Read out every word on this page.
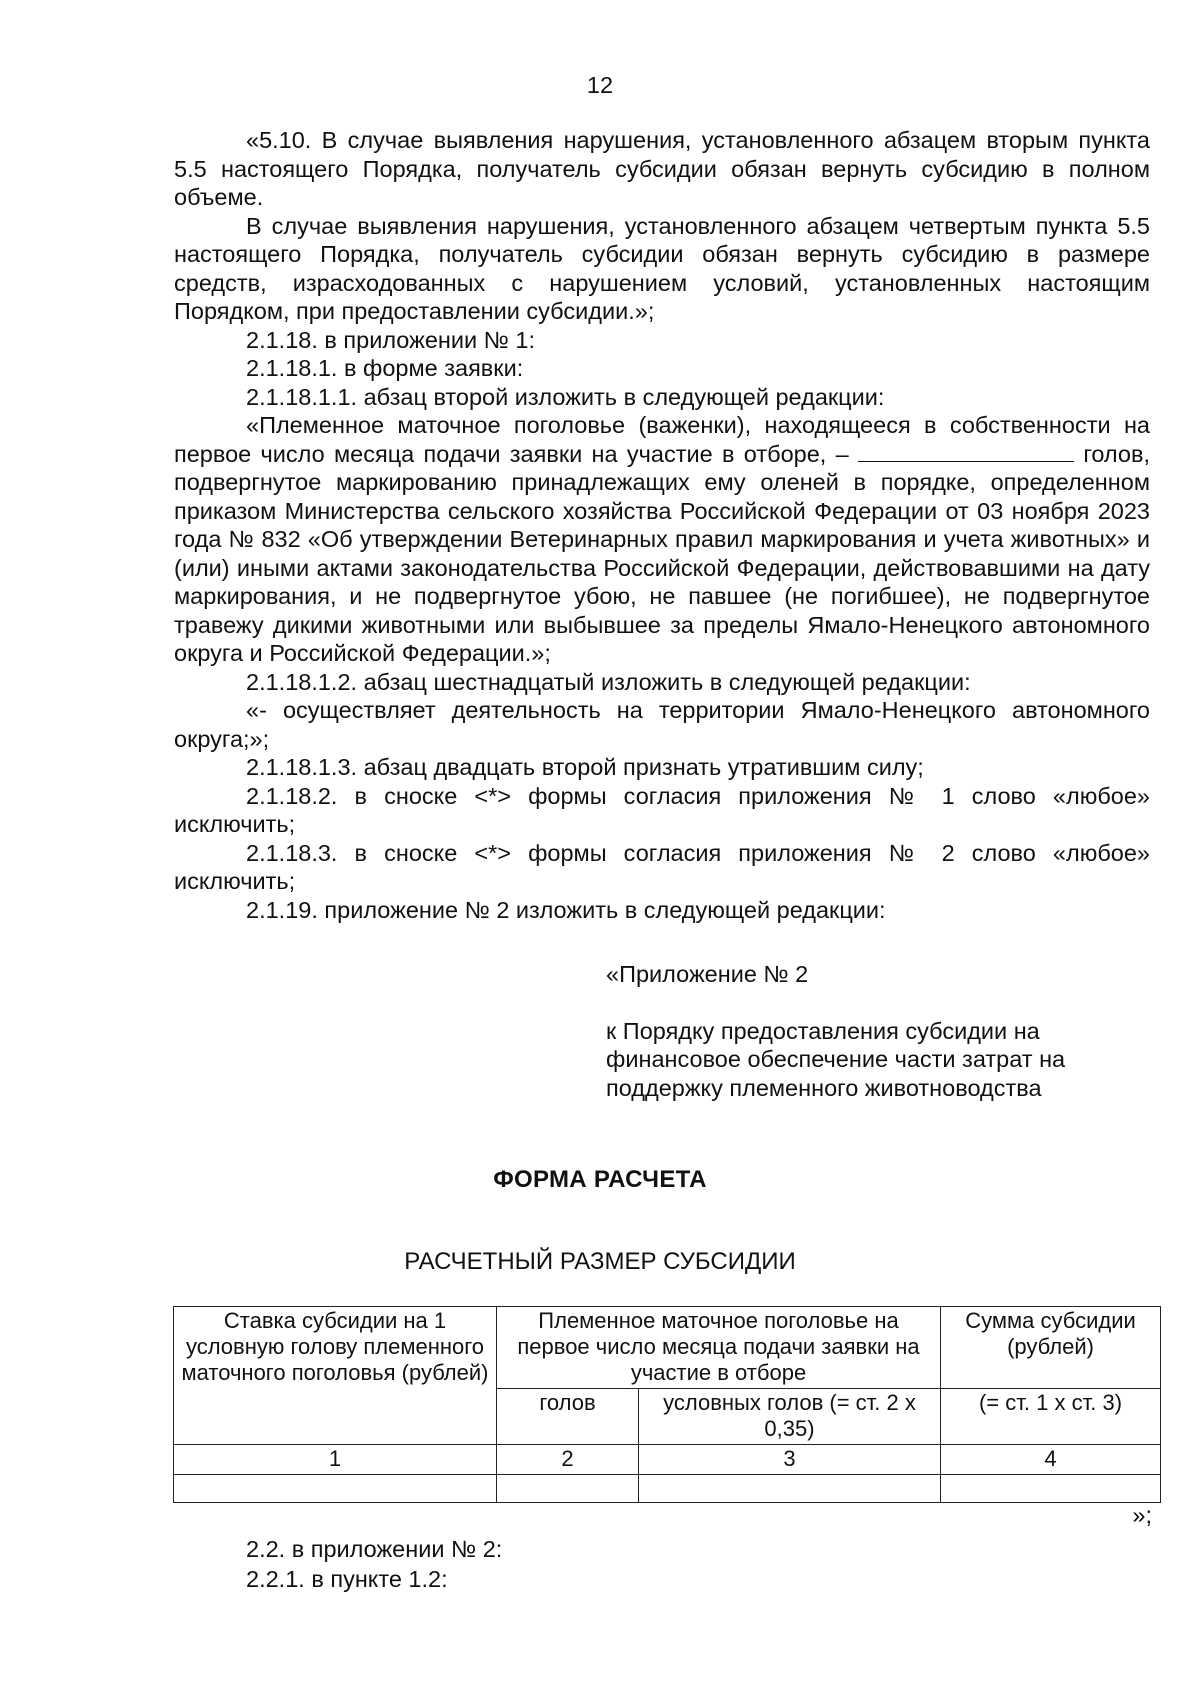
12

«5.10. В случае выявления нарушения, установленного абзацем вторым пункта 5.5 настоящего Порядка, получатель субсидии обязан вернуть субсидию в полном объеме.

В случае выявления нарушения, установленного абзацем четвертым пункта 5.5 настоящего Порядка, получатель субсидии обязан вернуть субсидию в размере средств, израсходованных с нарушением условий, установленных настоящим Порядком, при предоставлении субсидии.»;

2.1.18. в приложении № 1:

2.1.18.1. в форме заявки:

2.1.18.1.1. абзац второй изложить в следующей редакции:

«Племенное маточное поголовье (важенки), находящееся в собственности на первое число месяца подачи заявки на участие в отборе, –	голов, подвергнутое маркированию принадлежащих ему оленей в порядке, определенном приказом Министерства сельского хозяйства Российской Федерации от 03 ноября 2023 года № 832 «Об утверждении Ветеринарных правил маркирования и учета животных» и (или) иными актами законодательства Российской Федерации, действовавшими на дату маркирования, и не подвергнутое убою, не павшее (не погибшее), не подвергнутое травежу дикими животными или выбывшее за пределы Ямало-Ненецкого автономного округа и Российской Федерации.»;

2.1.18.1.2. абзац шестнадцатый изложить в следующей редакции:

«- осуществляет деятельность на территории Ямало-Ненецкого автономного округа;»;

2.1.18.1.3. абзац двадцать второй признать утратившим силу;

2.1.18.2. в сноске <*> формы согласия приложения № 1 слово «любое» исключить;

2.1.18.3. в сноске <*> формы согласия приложения № 2 слово «любое» исключить;

2.1.19. приложение № 2 изложить в следующей редакции:

«Приложение № 2
к Порядку предоставления субсидии на
финансовое обеспечение части затрат на
поддержку племенного животноводства
ФОРМА РАСЧЕТА
РАСЧЕТНЫЙ РАЗМЕР СУБСИДИИ
Ставка субсидии на 1 условную голову племенного маточного поголовья (рублей)	Племенное маточное поголовье на первое число месяца подачи заявки на участие в отборе		Сумма субсидии (рублей)
	голов	условных голов (= ст. 2 х 0,35)	(= ст. 1 х ст. 3)
1	2	3	4

»;
2.2. в приложении № 2:
2.2.1. в пункте 1.2:
